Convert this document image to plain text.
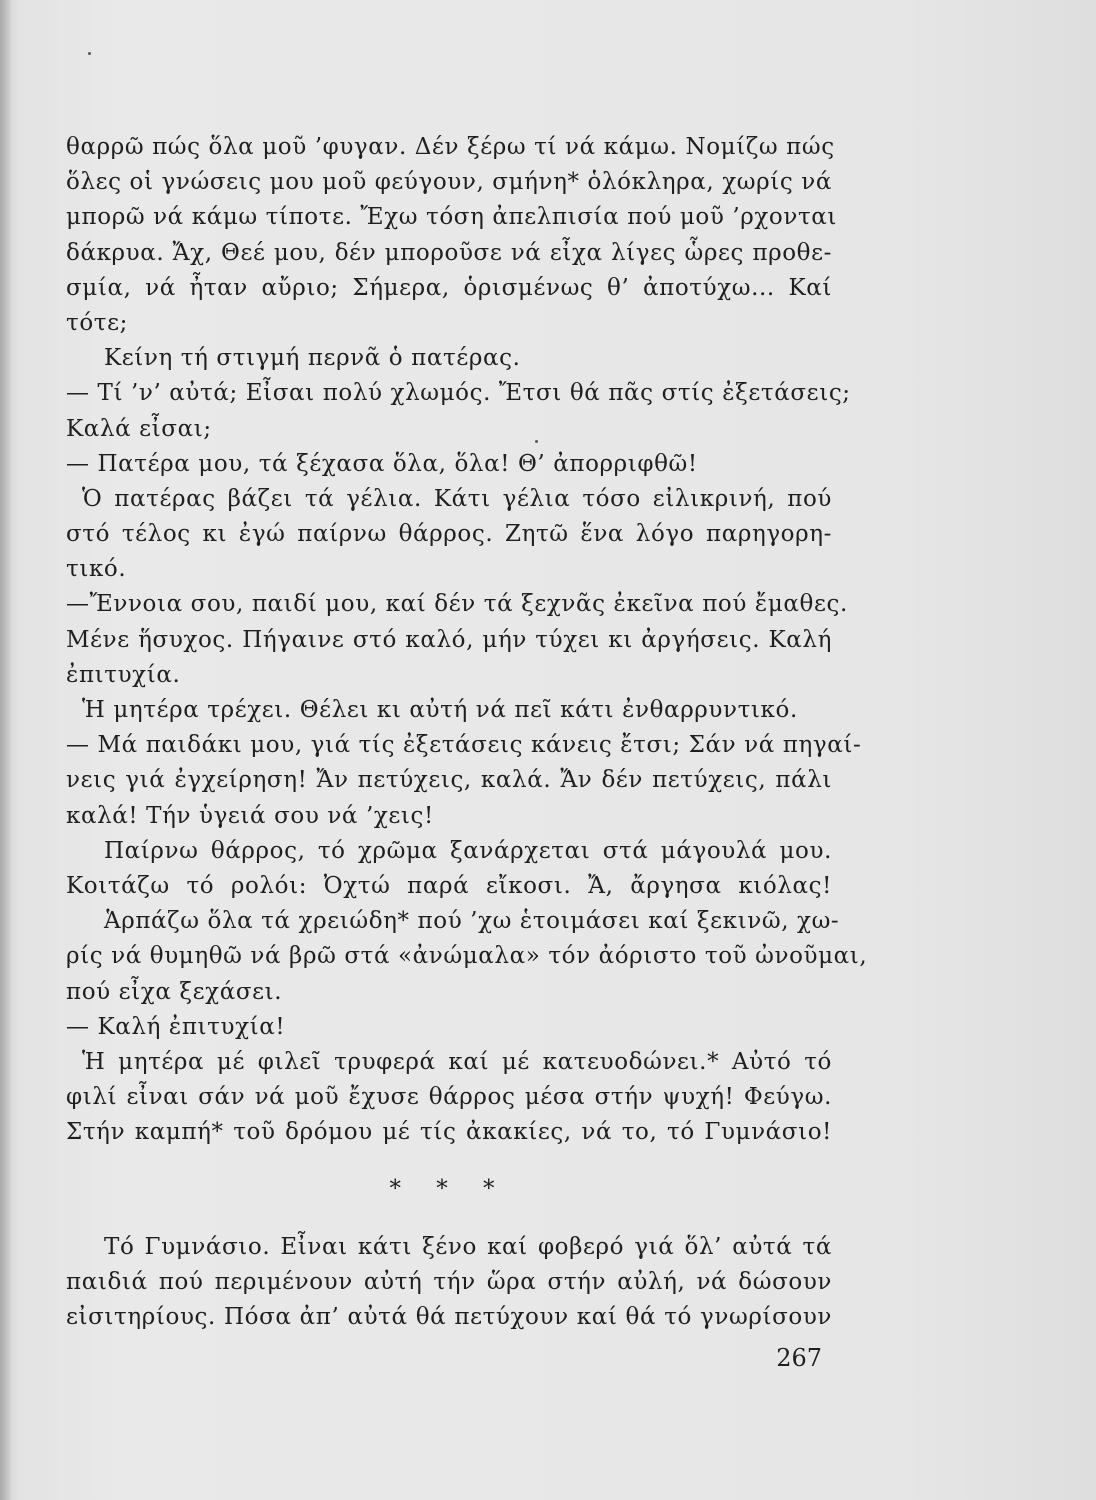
θαρρῶ πώς ὅλα μοῦ ’φυγαν. Δέν ξέρω τί νά κάμω. Νομίζω πώς
ὅλες οἱ γνώσεις μου μοῦ φεύγουν, σμήνη* ὁλόκληρα, χωρίς νά
μπορῶ νά κάμω τίποτε. Ἔχω τόση ἀπελπισία πού μοῦ ’ρχονται
δάκρυα. Ἄχ, Θεέ μου, δέν μποροῦσε νά εἶχα λίγες ὧρες προθε-
σμία, νά ἦταν αὔριο; Σήμερα, ὁρισμένως θ’ ἀποτύχω... Καί
τότε;
Κείνη τή στιγμή περνᾶ ὁ πατέρας.
— Τί ’ν’ αὐτά; Εἶσαι πολύ χλωμός. Ἔτσι θά πᾶς στίς ἐξετάσεις;
Καλά εἶσαι;
— Πατέρα μου, τά ξέχασα ὅλα, ὅλα! Θ’ ἀπορριφθῶ!
Ὁ πατέρας βάζει τά γέλια. Κάτι γέλια τόσο εἰλικρινή, πού
στό τέλος κι ἐγώ παίρνω θάρρος. Ζητῶ ἕνα λόγο παρηγορη-
τικό.
—Ἔννοια σου, παιδί μου, καί δέν τά ξεχνᾶς ἐκεῖνα πού ἔμαθες.
Μένε ἥσυχος. Πήγαινε στό καλό, μήν τύχει κι ἀργήσεις. Καλή
ἐπιτυχία.
Ἡ μητέρα τρέχει. Θέλει κι αὐτή νά πεῖ κάτι ἐνθαρρυντικό.
— Μά παιδάκι μου, γιά τίς ἐξετάσεις κάνεις ἔτσι; Σάν νά πηγαί-
νεις γιά ἐγχείρηση! Ἄν πετύχεις, καλά. Ἄν δέν πετύχεις, πάλι
καλά! Τήν ὑγειά σου νά ’χεις!
Παίρνω θάρρος, τό χρῶμα ξανάρχεται στά μάγουλά μου.
Κοιτάζω τό ρολόι: Ὀχτώ παρά εἴκοσι. Ἄ, ἄργησα κιόλας!
Ἁρπάζω ὅλα τά χρειώδη* πού ’χω ἑτοιμάσει καί ξεκινῶ, χω-
ρίς νά θυμηθῶ νά βρῶ στά «ἀνώμαλα» τόν ἀόριστο τοῦ ὠνοῦμαι,
πού εἶχα ξεχάσει.
— Καλή ἐπιτυχία!
Ἡ μητέρα μέ φιλεῖ τρυφερά καί μέ κατευοδώνει.* Αὐτό τό
φιλί εἶναι σάν νά μοῦ ἔχυσε θάρρος μέσα στήν ψυχή! Φεύγω.
Στήν καμπή* τοῦ δρόμου μέ τίς ἀκακίες, νά το, τό Γυμνάσιο!
* * *
Τό Γυμνάσιο. Εἶναι κάτι ξένο καί φοβερό γιά ὅλ’ αὐτά τά
παιδιά πού περιμένουν αὐτή τήν ὥρα στήν αὐλή, νά δώσουν
εἰσιτηρίους. Πόσα ἀπ’ αὐτά θά πετύχουν καί θά τό γνωρίσουν
267
